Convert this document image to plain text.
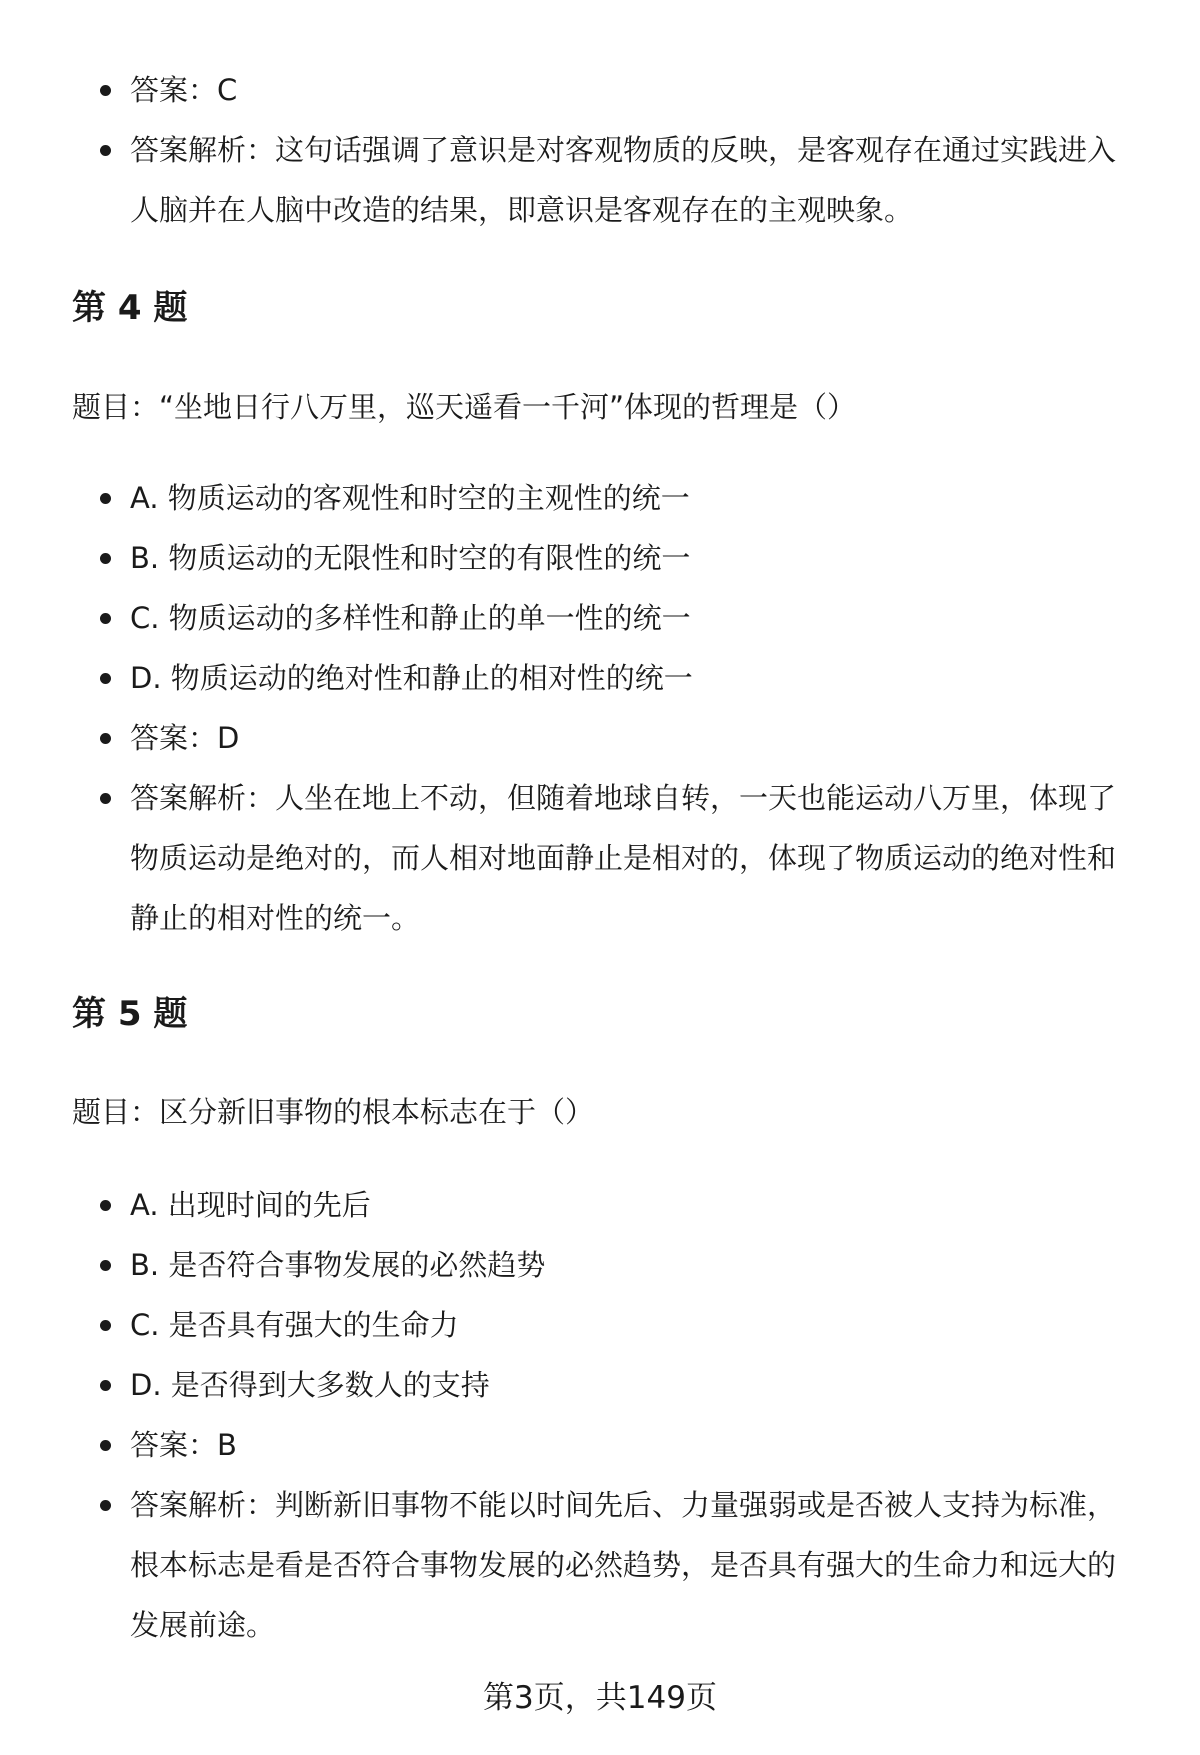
答案：C
答案解析：这句话强调了意识是对客观物质的反映，是客观存在通过实践进入人脑并在人脑中改造的结果，即意识是客观存在的主观映象。
第 4 题
题目：“坐地日行八万里，巡天遥看一千河”体现的哲理是（）
A. 物质运动的客观性和时空的主观性的统一
B. 物质运动的无限性和时空的有限性的统一
C. 物质运动的多样性和静止的单一性的统一
D. 物质运动的绝对性和静止的相对性的统一
答案：D
答案解析：人坐在地上不动，但随着地球自转，一天也能运动八万里，体现了物质运动是绝对的，而人相对地面静止是相对的，体现了物质运动的绝对性和静止的相对性的统一。
第 5 题
题目：区分新旧事物的根本标志在于（）
A. 出现时间的先后
B. 是否符合事物发展的必然趋势
C. 是否具有强大的生命力
D. 是否得到大多数人的支持
答案：B
答案解析：判断新旧事物不能以时间先后、力量强弱或是否被人支持为标准，根本标志是看是否符合事物发展的必然趋势，是否具有强大的生命力和远大的发展前途。
第3页，共149页
